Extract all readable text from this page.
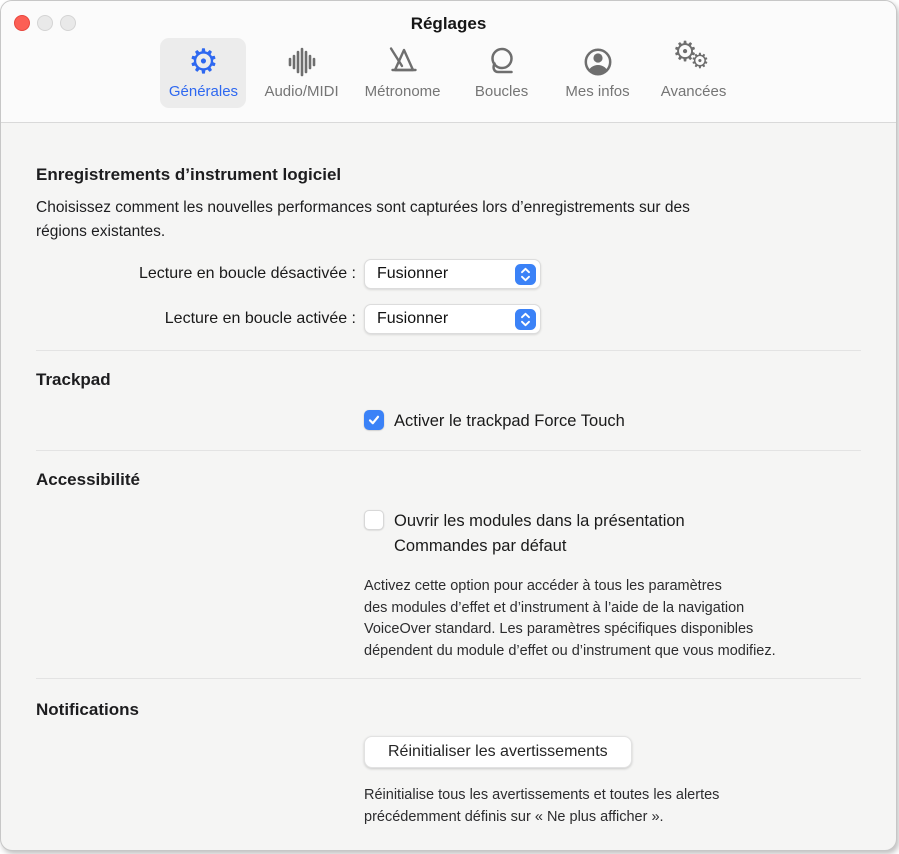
Réglages
⚙
Générales Audio/MIDI Métronome Boucles Mes infos
⚙
⚙
Avancées
Enregistrements d’instrument logiciel
Choisissez comment les nouvelles performances sont capturées lors d’enregistrements sur des
régions existantes.
Lecture en boucle désactivée :	Fusionner
Lecture en boucle activée :	Fusionner
Trackpad
Activer le trackpad Force Touch
Accessibilité
Ouvrir les modules dans la présentation
Commandes par défaut
Activez cette option pour accéder à tous les paramètres
des modules d’effet et d’instrument à l’aide de la navigation
VoiceOver standard. Les paramètres spécifiques disponibles
dépendent du module d’effet ou d’instrument que vous modifiez.
Notifications
Réinitialiser les avertissements
Réinitialise tous les avertissements et toutes les alertes
précédemment définis sur « Ne plus afficher ».
